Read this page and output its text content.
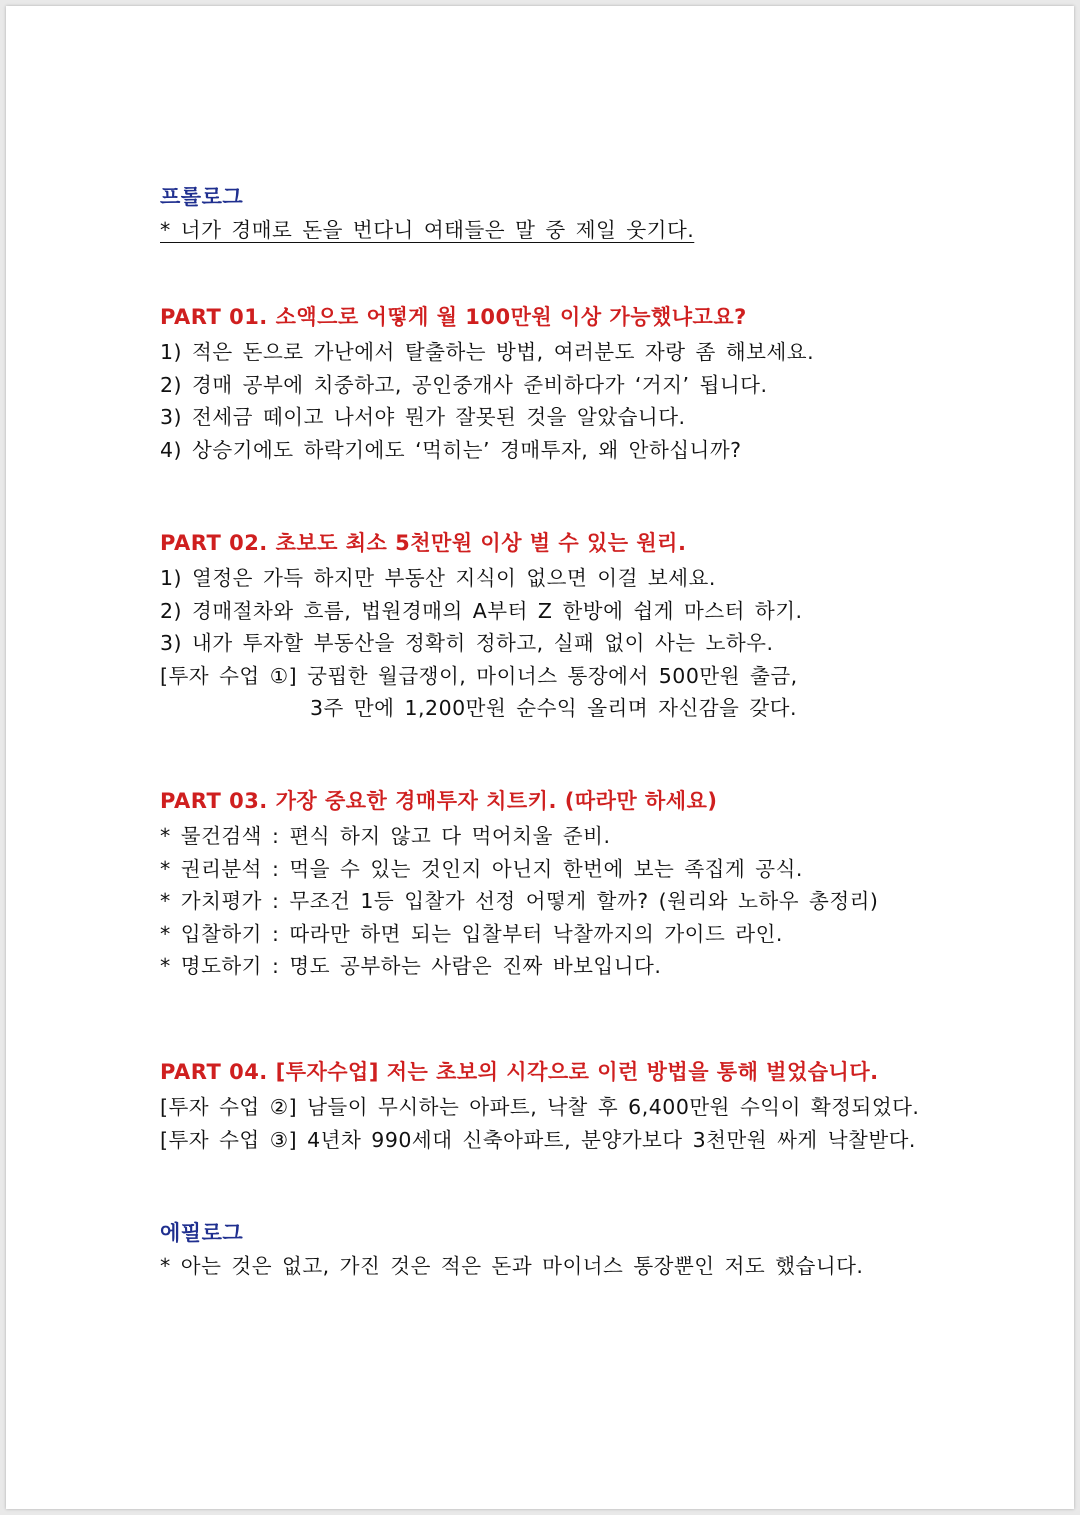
프롤로그
* 너가 경매로 돈을 번다니 여태들은 말 중 제일 웃기다.
PART 01. 소액으로 어떻게 월 100만원 이상 가능했냐고요?
1) 적은 돈으로 가난에서 탈출하는 방법, 여러분도 자랑 좀 해보세요.
2) 경매 공부에 치중하고, 공인중개사 준비하다가 ‘거지’ 됩니다.
3) 전세금 떼이고 나서야 뭔가 잘못된 것을 알았습니다.
4) 상승기에도 하락기에도 ‘먹히는’ 경매투자, 왜 안하십니까?
PART 02. 초보도 최소 5천만원 이상 벌 수 있는 원리.
1) 열정은 가득 하지만 부동산 지식이 없으면 이걸 보세요.
2) 경매절차와 흐름, 법원경매의 A부터 Z 한방에 쉽게 마스터 하기.
3) 내가 투자할 부동산을 정확히 정하고, 실패 없이 사는 노하우.
[투자 수업 ①] 궁핍한 월급쟁이, 마이너스 통장에서 500만원 출금,
3주 만에 1,200만원 순수익 올리며 자신감을 갖다.
PART 03. 가장 중요한 경매투자 치트키. (따라만 하세요)
* 물건검색 : 편식 하지 않고 다 먹어치울 준비.
* 권리분석 : 먹을 수 있는 것인지 아닌지 한번에 보는 족집게 공식.
* 가치평가 : 무조건 1등 입찰가 선정 어떻게 할까? (원리와 노하우 총정리)
* 입찰하기 : 따라만 하면 되는 입찰부터 낙찰까지의 가이드 라인.
* 명도하기 : 명도 공부하는 사람은 진짜 바보입니다.
PART 04. [투자수업] 저는 초보의 시각으로 이런 방법을 통해 벌었습니다.
[투자 수업 ②] 남들이 무시하는 아파트, 낙찰 후 6,400만원 수익이 확정되었다.
[투자 수업 ③] 4년차 990세대 신축아파트, 분양가보다 3천만원 싸게 낙찰받다.
에필로그
* 아는 것은 없고, 가진 것은 적은 돈과 마이너스 통장뿐인 저도 했습니다.
